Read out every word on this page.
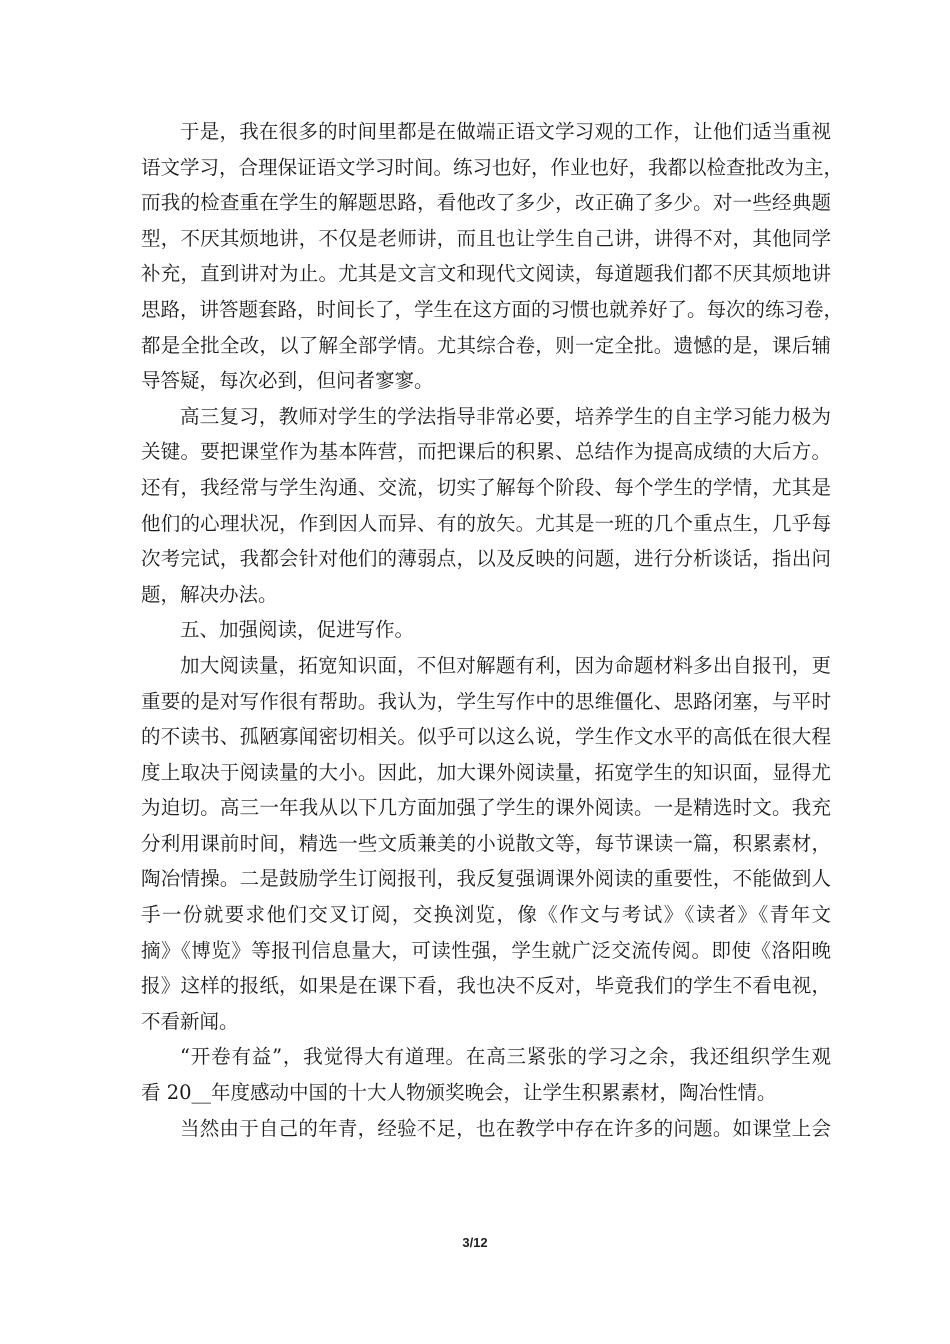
于是，我在很多的时间里都是在做端正语文学习观的工作，让他们适当重视
语文学习，合理保证语文学习时间。练习也好，作业也好，我都以检查批改为主，
而我的检查重在学生的解题思路，看他改了多少，改正确了多少。对一些经典题
型，不厌其烦地讲，不仅是老师讲，而且也让学生自己讲，讲得不对，其他同学
补充，直到讲对为止。尤其是文言文和现代文阅读，每道题我们都不厌其烦地讲
思路，讲答题套路，时间长了，学生在这方面的习惯也就养好了。每次的练习卷，
都是全批全改，以了解全部学情。尤其综合卷，则一定全批。遗憾的是，课后辅
导答疑，每次必到，但问者寥寥。
高三复习，教师对学生的学法指导非常必要，培养学生的自主学习能力极为
关键。要把课堂作为基本阵营，而把课后的积累、总结作为提高成绩的大后方。
还有，我经常与学生沟通、交流，切实了解每个阶段、每个学生的学情，尤其是
他们的心理状况，作到因人而异、有的放矢。尤其是一班的几个重点生，几乎每
次考完试，我都会针对他们的薄弱点，以及反映的问题，进行分析谈话，指出问
题，解决办法。
五、加强阅读，促进写作。
加大阅读量，拓宽知识面，不但对解题有利，因为命题材料多出自报刊，更
重要的是对写作很有帮助。我认为，学生写作中的思维僵化、思路闭塞，与平时
的不读书、孤陋寡闻密切相关。似乎可以这么说，学生作文水平的高低在很大程
度上取决于阅读量的大小。因此，加大课外阅读量，拓宽学生的知识面，显得尤
为迫切。高三一年我从以下几方面加强了学生的课外阅读。一是精选时文。我充
分利用课前时间，精选一些文质兼美的小说散文等，每节课读一篇，积累素材，
陶冶情操。二是鼓励学生订阅报刊，我反复强调课外阅读的重要性，不能做到人
手一份就要求他们交叉订阅，交换浏览，像《作文与考试》《读者》《青年文
摘》《博览》等报刊信息量大，可读性强，学生就广泛交流传阅。即使《洛阳晚
报》这样的报纸，如果是在课下看，我也决不反对，毕竟我们的学生不看电视，
不看新闻。
“开卷有益”，我觉得大有道理。在高三紧张的学习之余，我还组织学生观
看 20__年度感动中国的十大人物颁奖晚会，让学生积累素材，陶冶性情。
当然由于自己的年青，经验不足，也在教学中存在许多的问题。如课堂上会
3/12
